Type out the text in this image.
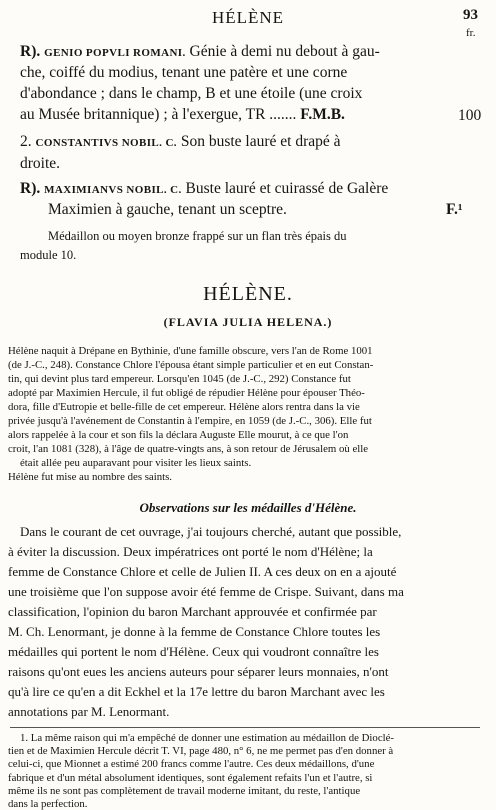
HÉLÈNE	93
fr.
R). GENIO POPVLI ROMANI. Génie à demi nu debout à gau-
che, coiffé du modius, tenant une patère et une corne
d'abondance ; dans le champ, B et une étoile (une croix
au Musée britannique) ; à l'exergue, TR ....... F.M.B.	100
2. CONSTANTIVS NOBIL. C. Son buste lauré et drapé à
droite.
R). MAXIMIANVS NOBIL. C. Buste lauré et cuirassé de Galère
Maximien à gauche, tenant un sceptre.	F.¹
Médaillon ou moyen bronze frappé sur un flan très épais du
module 10.
HÉLÈNE.
(FLAVIA JULIA HELENA.)
Hélène naquit à Drépane en Bythinie, d'une famille obscure, vers l'an de Rome 1001
(de J.-C., 248). Constance Chlore l'épousa étant simple particulier et en eut Constan-
tin, qui devint plus tard empereur. Lorsqu'en 1045 (de J.-C., 292) Constance fut
adopté par Maximien Hercule, il fut obligé de répudier Hélène pour épouser Théo-
dora, fille d'Eutropie et belle-fille de cet empereur. Hélène alors rentra dans la vie
privée jusqu'à l'avénement de Constantin à l'empire, en 1059 (de J.-C., 306). Elle fut
alors rappelée à la cour et son fils la déclara Auguste Elle mourut, à ce que l'on
croit, l'an 1081 (328), à l'âge de quatre-vingts ans, à son retour de Jérusalem où elle
était allée peu auparavant pour visiter les lieux saints.
Hélène fut mise au nombre des saints.
Observations sur les médailles d'Hélène.
Dans le courant de cet ouvrage, j'ai toujours cherché, autant que possible,
à éviter la discussion. Deux impératrices ont porté le nom d'Hélène; la
femme de Constance Chlore et celle de Julien II. A ces deux on en a ajouté
une troisième que l'on suppose avoir été femme de Crispe. Suivant, dans ma
classification, l'opinion du baron Marchant approuvée et confirmée par
M. Ch. Lenormant, je donne à la femme de Constance Chlore toutes les
médailles qui portent le nom d'Hélène. Ceux qui voudront connaître les
raisons qu'ont eues les anciens auteurs pour séparer leurs monnaies, n'ont
qu'à lire ce qu'en a dit Eckhel et la 17e lettre du baron Marchant avec les
annotations par M. Lenormant.
1. La même raison qui m'a empêché de donner une estimation au médaillon de Dioclé-
tien et de Maximien Hercule décrit T. VI, page 480, n° 6, ne me permet pas d'en donner à
celui-ci, que Mionnet a estimé 200 francs comme l'autre. Ces deux médaillons, d'une
fabrique et d'un métal absolument identiques, sont également refaits l'un et l'autre, si
même ils ne sont pas complètement de travail moderne imitant, du reste, l'antique
dans la perfection.
